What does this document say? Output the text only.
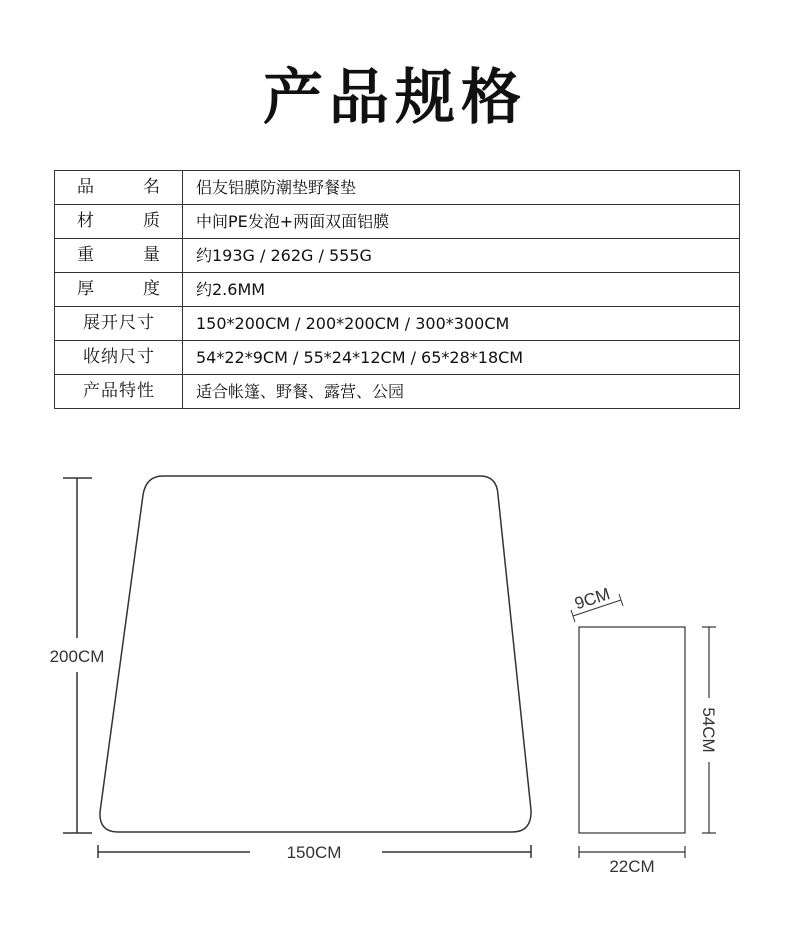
产品规格
品名	侣友铝膜防潮垫野餐垫

材质	中间PE发泡+两面双面铝膜

重量	约193G / 262G / 555G

厚度	约2.6MM

展开尺寸	150*200CM / 200*200CM / 300*300CM

收纳尺寸	54*22*9CM / 55*24*12CM / 65*28*18CM

产品特性	适合帐篷、野餐、露营、公园
200CM
150CM
9CM
54CM
22CM
